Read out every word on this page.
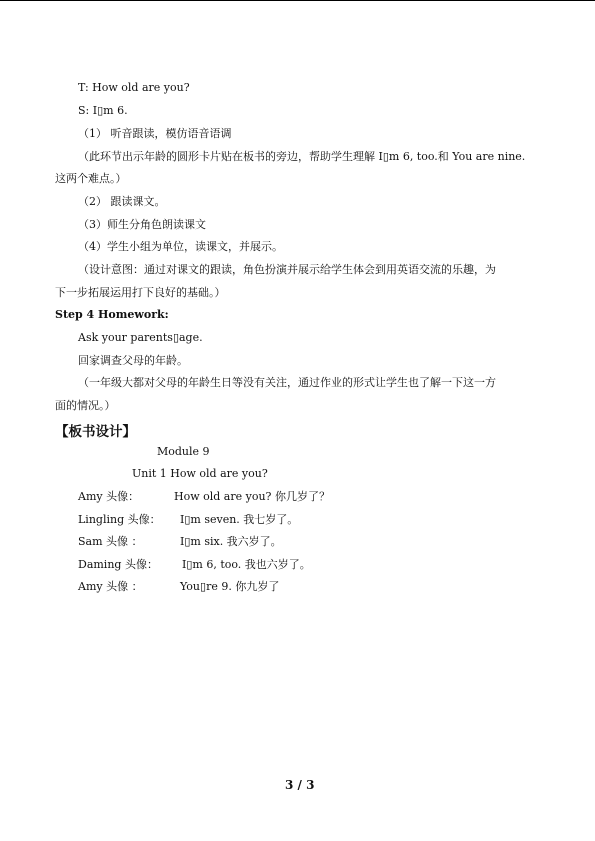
T: How old are you?
S: I▯m 6.
（1） 听音跟读，模仿语音语调
（此环节出示年龄的圆形卡片贴在板书的旁边，帮助学生理解 I▯m 6, too.和 You are nine.
这两个难点。）
（2） 跟读课文。
（3）师生分角色朗读课文
（4）学生小组为单位，读课文，并展示。
（设计意图：通过对课文的跟读，角色扮演并展示给学生体会到用英语交流的乐趣，为
下一步拓展运用打下良好的基础。）
Step 4 Homework:
Ask your parents▯age.
回家调查父母的年龄。
（一年级大都对父母的年龄生日等没有关注，通过作业的形式让学生也了解一下这一方
面的情况。）
【板书设计】
Module 9
Unit 1 How old are you?
Amy 头像：	How old are you? 你几岁了？
Lingling 头像： I▯m seven. 我七岁了。
Sam 头像 ：	I▯m six. 我六岁了。
Daming 头像： I▯m 6, too. 我也六岁了。
Amy 头像 ：	You▯re 9. 你九岁了
3 / 3
